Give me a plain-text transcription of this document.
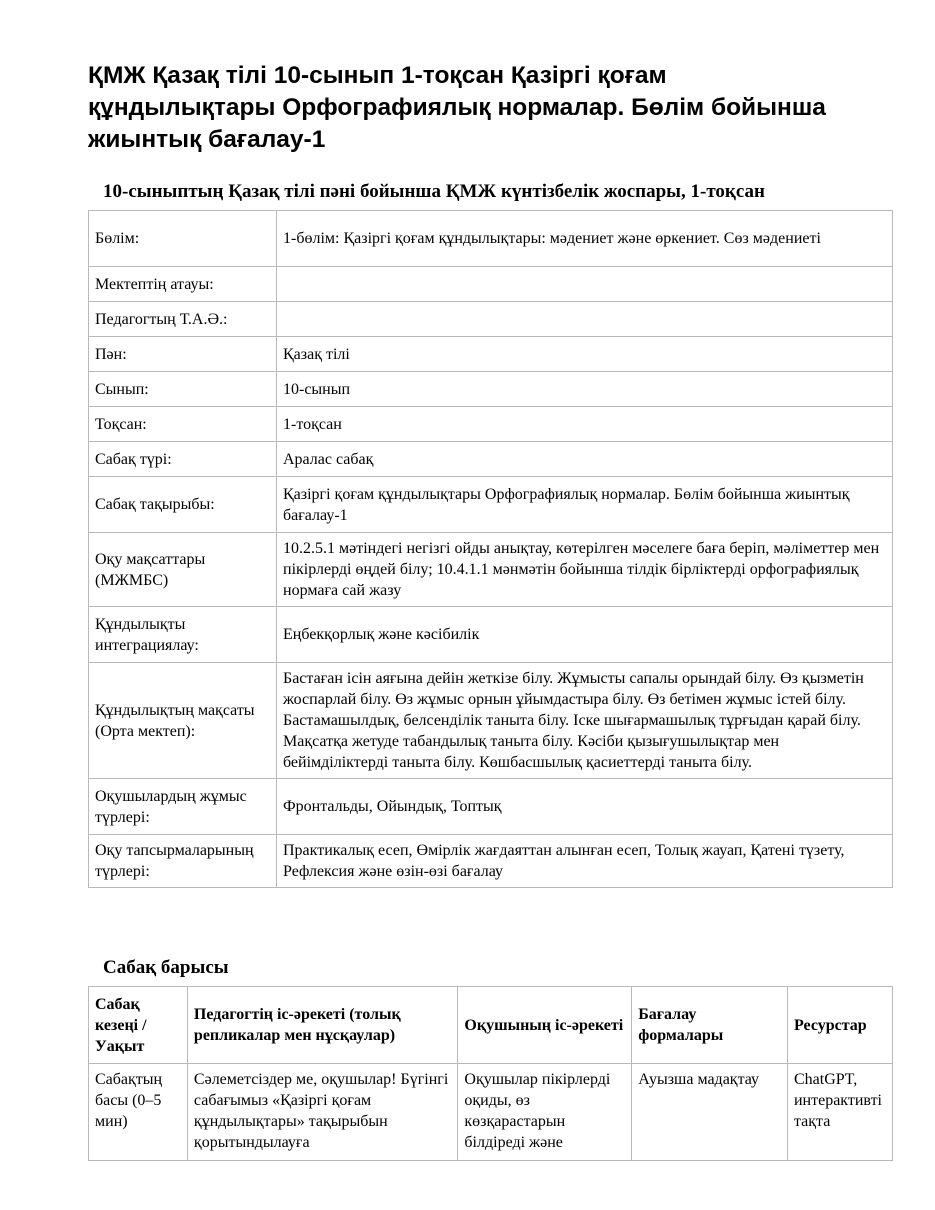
ҚМЖ Қазақ тілі 10-сынып 1-тоқсан Қазіргі қоғам құндылықтары Орфографиялық нормалар. Бөлім бойынша жиынтық бағалау-1
10-сыныптың Қазақ тілі пәні бойынша ҚМЖ күнтізбелік жоспары, 1-тоқсан
Бөлім:	1-бөлім: Қазіргі қоғам құндылықтары: мәдениет және өркениет. Сөз мәдениеті
Мектептің атауы:	
Педагогтың Т.А.Ә.:	
Пән:	Қазақ тілі
Сынып:	10-сынып
Тоқсан:	1-тоқсан
Сабақ түрі:	Аралас сабақ
Сабақ тақырыбы:	Қазіргі қоғам құндылықтары Орфографиялық нормалар. Бөлім бойынша жиынтық бағалау-1
Оқу мақсаттары (МЖМБС)	10.2.5.1 мәтіндегі негізгі ойды анықтау, көтерілген мәселеге баға беріп, мәліметтер мен пікірлерді өңдей білу; 10.4.1.1 мәнмәтін бойынша тілдік бірліктерді орфографиялық нормаға сай жазу
Құндылықты интеграциялау:	Еңбекқорлық және кәсібилік
Құндылықтың мақсаты (Орта мектеп):	Бастаған ісін аяғына дейін жеткізе білу. Жұмысты сапалы орындай білу. Өз қызметін жоспарлай білу. Өз жұмыс орнын ұйымдастыра білу. Өз бетімен жұмыс істей білу. Бастамашылдық, белсенділік таныта білу. Іске шығармашылық тұрғыдан қарай білу. Мақсатқа жетуде табандылық таныта білу. Кәсіби қызығушылықтар мен бейімділіктерді таныта білу. Көшбасшылық қасиеттерді таныта білу.
Оқушылардың жұмыс түрлері:	Фронтальды, Ойындық, Топтық
Оқу тапсырмаларының түрлері:	Практикалық есеп, Өмірлік жағдаяттан алынған есеп, Толық жауап, Қатені түзету, Рефлексия және өзін-өзі бағалау
Сабақ барысы
Сабақ кезеңі / Уақыт	Педагогтің іс-әрекеті (толық репликалар мен нұсқаулар)	Оқушының іс-әрекеті	Бағалау формалары	Ресурстар
Сабақтың басы (0–5 мин)	Сәлеметсіздер ме, оқушылар! Бүгінгі сабағымыз «Қазіргі қоғам құндылықтары» тақырыбын қорытындылауға	Оқушылар пікірлерді оқиды, өз көзқарастарын білдіреді және	Ауызша мадақтау	ChatGPT, интерактивті тақта
